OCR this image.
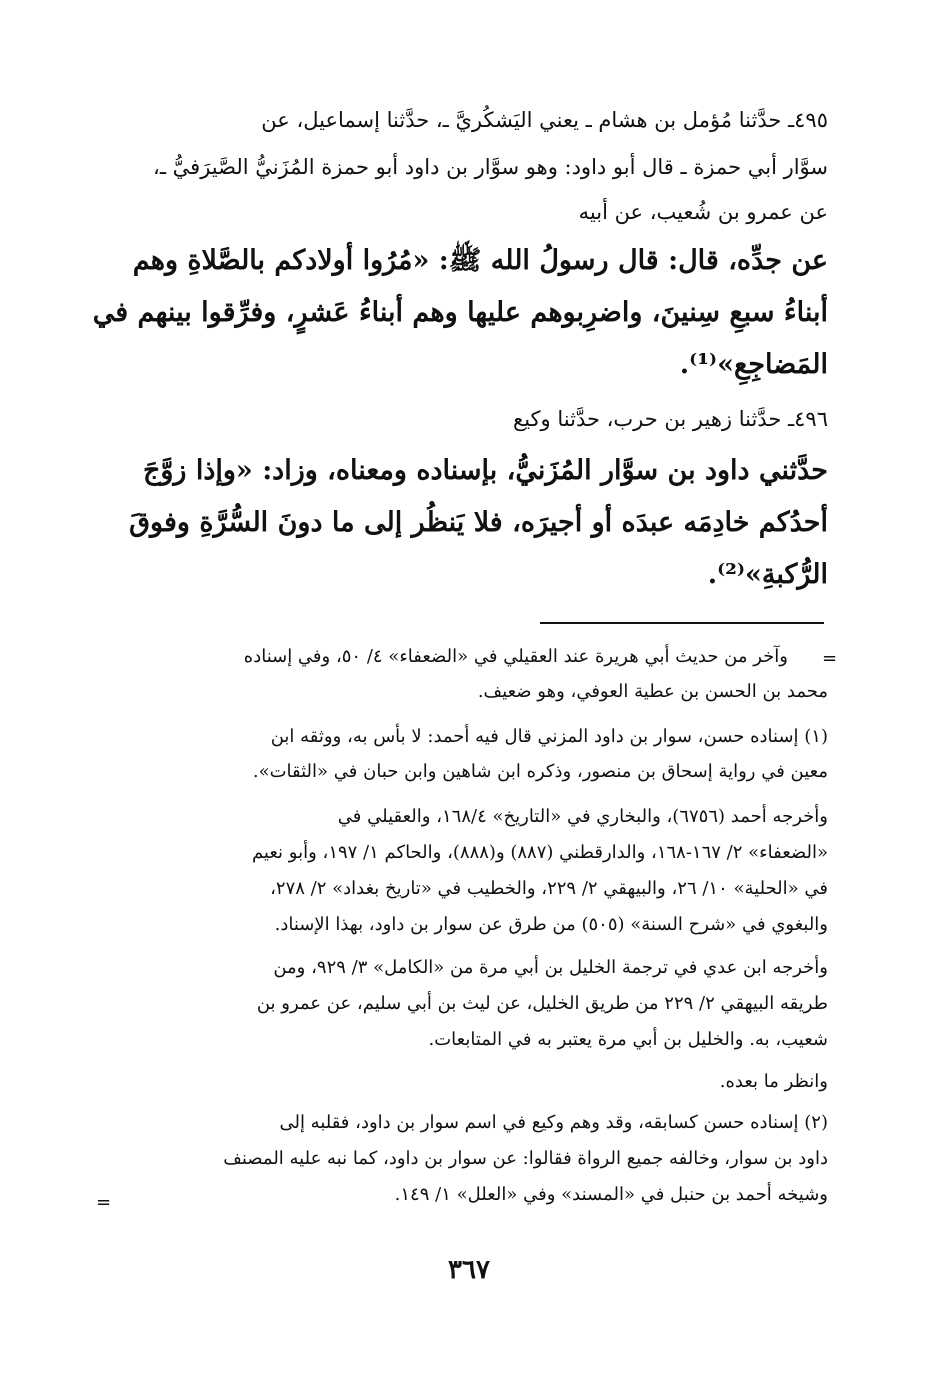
٤٩٥ـ حدَّثنا مُؤمل بن هشام ـ يعني اليَشكُريَّ ـ، حدَّثنا إسماعيل، عن
سوَّار أبي حمزة ـ قال أبو داود: وهو سوَّار بن داود أبو حمزة المُزَنيُّ الصَّيرَفيُّ ـ،
عن عمرو بن شُعيب، عن أبيه
عن جدِّه، قال: قال رسولُ الله ﷺ: «مُرُوا أولادكم بالصَّلاةِ وهم
أبناءُ سبعِ سِنينَ، واضرِبوهم عليها وهم أبناءُ عَشرٍ، وفرِّقوا بينهم في
المَضاجِعِ»⁽¹⁾.
٤٩٦ـ حدَّثنا زهير بن حرب، حدَّثنا وكيع
حدَّثني داود بن سوَّار المُزَنيُّ، بإسناده ومعناه، وزاد: «وإذا زوَّجَ
أحدُكم خادِمَه عبدَه أو أجيرَه، فلا يَنظُر إلى ما دونَ السُّرَّةِ وفوقَ
الرُّكبةِ»⁽²⁾.
=
وآخر من حديث أبي هريرة عند العقيلي في «الضعفاء» ٤/ ٥٠، وفي إسناده
محمد بن الحسن بن عطية العوفي، وهو ضعيف.
(١) إسناده حسن، سوار بن داود المزني قال فيه أحمد: لا بأس به، ووثقه ابن
معين في رواية إسحاق بن منصور، وذكره ابن شاهين وابن حبان في «الثقات».
وأخرجه أحمد (٦٧٥٦)، والبخاري في «التاريخ» ١٦٨/٤، والعقيلي في
«الضعفاء» ٢/ ١٦٧-١٦٨، والدارقطني (٨٨٧) و(٨٨٨)، والحاكم ١/ ١٩٧، وأبو نعيم
في «الحلية» ١٠/ ٢٦، والبيهقي ٢/ ٢٢٩، والخطيب في «تاريخ بغداد» ٢/ ٢٧٨،
والبغوي في «شرح السنة» (٥٠٥) من طرق عن سوار بن داود، بهذا الإسناد.
وأخرجه ابن عدي في ترجمة الخليل بن أبي مرة من «الكامل» ٣/ ٩٢٩، ومن
طريقه البيهقي ٢/ ٢٢٩ من طريق الخليل، عن ليث بن أبي سليم، عن عمرو بن
شعيب، به. والخليل بن أبي مرة يعتبر به في المتابعات.
وانظر ما بعده.
(٢) إسناده حسن كسابقه، وقد وهم وكيع في اسم سوار بن داود، فقلبه إلى
داود بن سوار، وخالفه جميع الرواة فقالوا: عن سوار بن داود، كما نبه عليه المصنف
وشيخه أحمد بن حنبل في «المسند» وفي «العلل» ١/ ١٤٩.
=
٣٦٧
